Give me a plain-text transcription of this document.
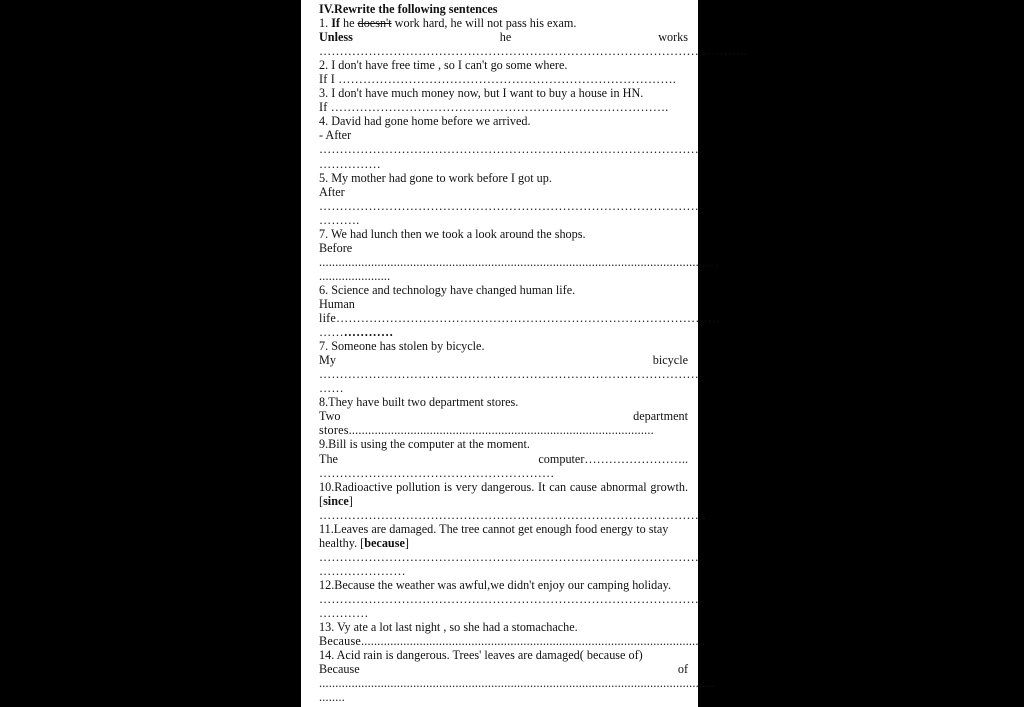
IV.Rewrite the following sentences
1. If he doesn't work hard, he will not pass his exam.
Unless	he	works
…………………………………………………………………………………………..
2. I don't have free time , so I can't go some where.
If I ……………………………………………………………………….
3. I don't have much money now, but I want to buy a house in HN.
If ……………………………………………………………………….
4. David had gone home before we arrived.
- After
…………………………………………………………………………………
……………
5. My mother had gone to work before I got up.
After
…………………………………………………………………………………
……….
7. We had lunch then we took a look around the shops.
Before
...........................................................................................................................
......................
6. Science and technology have changed human life.
Human
life…………………………………………………………………………………
………………
7. Someone has stolen by bicycle.
My	bicycle
…………………………………………………………………………………
……
8.They have built two department stores.
Two	department
stores..............................................................................................
9.Bill is using the computer at the moment.
The	computer……………………..
…………………………………………………
10.Radioactive pollution is very dangerous. It can cause abnormal growth.
[since]
………………………………………………………………………………….
11.Leaves are damaged. The tree cannot get enough food energy to stay
healthy. [because]
…………………………………………………………………………………
…………………
12.Because the weather was awful,we didn't enjoy our camping holiday.
…………………………………………………………………………………
…………
13. Vy ate a lot last night , so she had a stomachache.
Because..........................................................................................................
14. Acid rain is dangerous. Trees' leaves are damaged( because of)
Because	of
..........................................................................................................................
........
